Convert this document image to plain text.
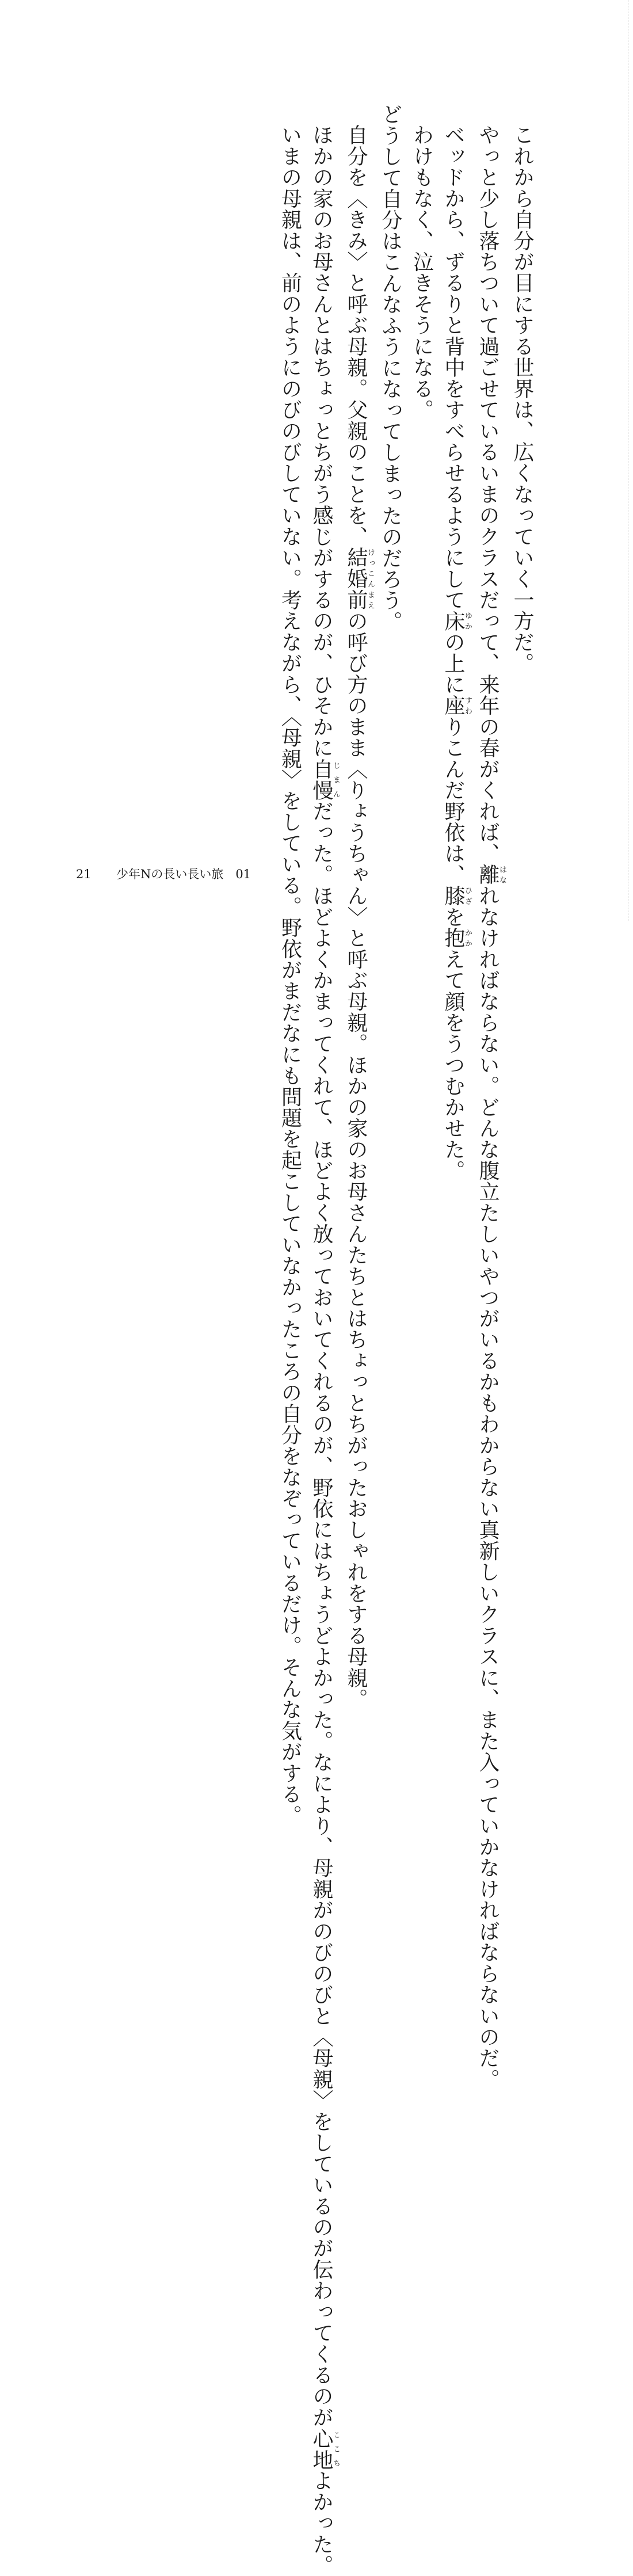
これから自分が目にする世界は、広くなっていく一方だ。

やっと少し落ちついて過ごせているいまのクラスだって、来年の春がくれば、離はなれなければならない。どんな腹立たしいやつがいるかもわからない真新しいクラスに、また入っていかなければならないのだ。

ベッドから、ずるりと背中をすべらせるようにして床ゆかの上に座すわりこんだ野依は、膝ひざを抱かかえて顔をうつむかせた。

わけもなく、泣きそうになる。

どうして自分はこんなふうになってしまったのだろう。

自分を〈きみ〉と呼ぶ母親。父親のことを、結婚前けっこんまえの呼び方のまま〈りょうちゃん〉と呼ぶ母親。ほかの家のお母さんたちとはちょっとちがったおしゃれをする母親。

ほかの家のお母さんとはちょっとちがう感じがするのが、ひそかに自慢じまんだった。ほどよくかまってくれて、ほどよく放っておいてくれるのが、野依にはちょうどよかった。なにより、母親がのびのびと〈母親〉をしているのが伝わってくるのが心地ここちよかった。

いまの母親は、前のようにのびのびしていない。考えながら、〈母親〉をしている。野依がまだなにも問題を起こしていなかったころの自分をなぞっているだけ。そんな気がする。

21 少年Nの長い長い旅　01
